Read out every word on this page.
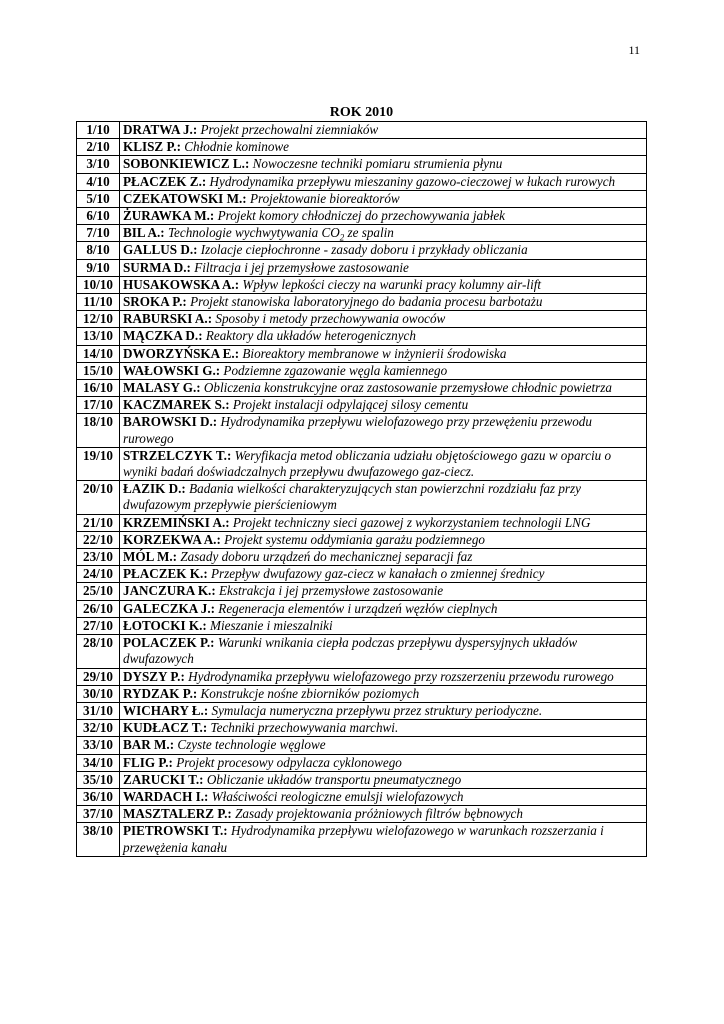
11
ROK 2010
1/10	DRATWA J.: Projekt przechowalni ziemniaków
2/10	KLISZ P.: Chłodnie kominowe
3/10	SOBONKIEWICZ L.: Nowoczesne techniki pomiaru strumienia płynu
4/10	PŁACZEK Z.: Hydrodynamika przepływu mieszaniny gazowo-cieczowej w łukach rurowych
5/10	CZEKATOWSKI M.: Projektowanie bioreaktorów
6/10	ŻURAWKA M.: Projekt komory chłodniczej do przechowywania jabłek
7/10	BIL A.: Technologie wychwytywania $CO_2$ ze spalin
8/10	GALLUS D.: Izolacje ciepłochronne - zasady doboru i przykłady obliczania
9/10	SURMA D.: Filtracja i jej przemysłowe zastosowanie
10/10	HUSAKOWSKA A.: Wpływ lepkości cieczy na warunki pracy kolumny air-lift
11/10	SROKA P.: Projekt stanowiska laboratoryjnego do badania procesu barbotażu
12/10	RABURSKI A.: Sposoby i metody przechowywania owoców
13/10	MĄCZKA D.: Reaktory dla układów heterogenicznych
14/10	DWORZYŃSKA E.: Bioreaktory membranowe w inżynierii środowiska
15/10	WAŁOWSKI G.: Podziemne zgazowanie węgla kamiennego
16/10	MALASY G.: Obliczenia konstrukcyjne oraz zastosowanie przemysłowe chłodnic powietrza
17/10	KACZMAREK S.: Projekt instalacji odpylającej silosy cementu
18/10	BAROWSKI D.: Hydrodynamika przepływu wielofazowego przy przewężeniu przewodu rurowego
19/10	STRZELCZYK T.: Weryfikacja metod obliczania udziału objętościowego gazu w oparciu o wyniki badań doświadczalnych przepływu dwufazowego gaz-ciecz.
20/10	ŁAZIK D.: Badania wielkości charakteryzujących stan powierzchni rozdziału faz przy dwufazowym przepływie pierścieniowym
21/10	KRZEMIŃSKI A.: Projekt techniczny sieci gazowej z wykorzystaniem technologii LNG
22/10	KORZEKWA A.: Projekt systemu oddymiania garażu podziemnego
23/10	MÓL M.: Zasady doboru urządzeń do mechanicznej separacji faz
24/10	PŁACZEK K.: Przepływ dwufazowy gaz-ciecz w kanałach o zmiennej średnicy
25/10	JANCZURA K.: Ekstrakcja i jej przemysłowe zastosowanie
26/10	GALECZKA J.: Regeneracja elementów i urządzeń węzłów cieplnych
27/10	ŁOTOCKI K.: Mieszanie i mieszalniki
28/10	POLACZEK P.: Warunki wnikania ciepła podczas przepływu dyspersyjnych układów dwufazowych
29/10	DYSZY P.: Hydrodynamika przepływu wielofazowego przy rozszerzeniu przewodu rurowego
30/10	RYDZAK P.: Konstrukcje nośne zbiorników poziomych
31/10	WICHARY Ł.: Symulacja numeryczna przepływu przez struktury periodyczne.
32/10	KUDŁACZ T.: Techniki przechowywania marchwi.
33/10	BAR M.: Czyste technologie węglowe
34/10	FLIG P.: Projekt procesowy odpylacza cyklonowego
35/10	ZARUCKI T.: Obliczanie układów transportu pneumatycznego
36/10	WARDACH I.: Właściwości reologiczne emulsji wielofazowych
37/10	MASZTALERZ P.: Zasady projektowania próżniowych filtrów bębnowych
38/10	PIETROWSKI T.: Hydrodynamika przepływu wielofazowego w warunkach rozszerzania i przewężenia kanału
